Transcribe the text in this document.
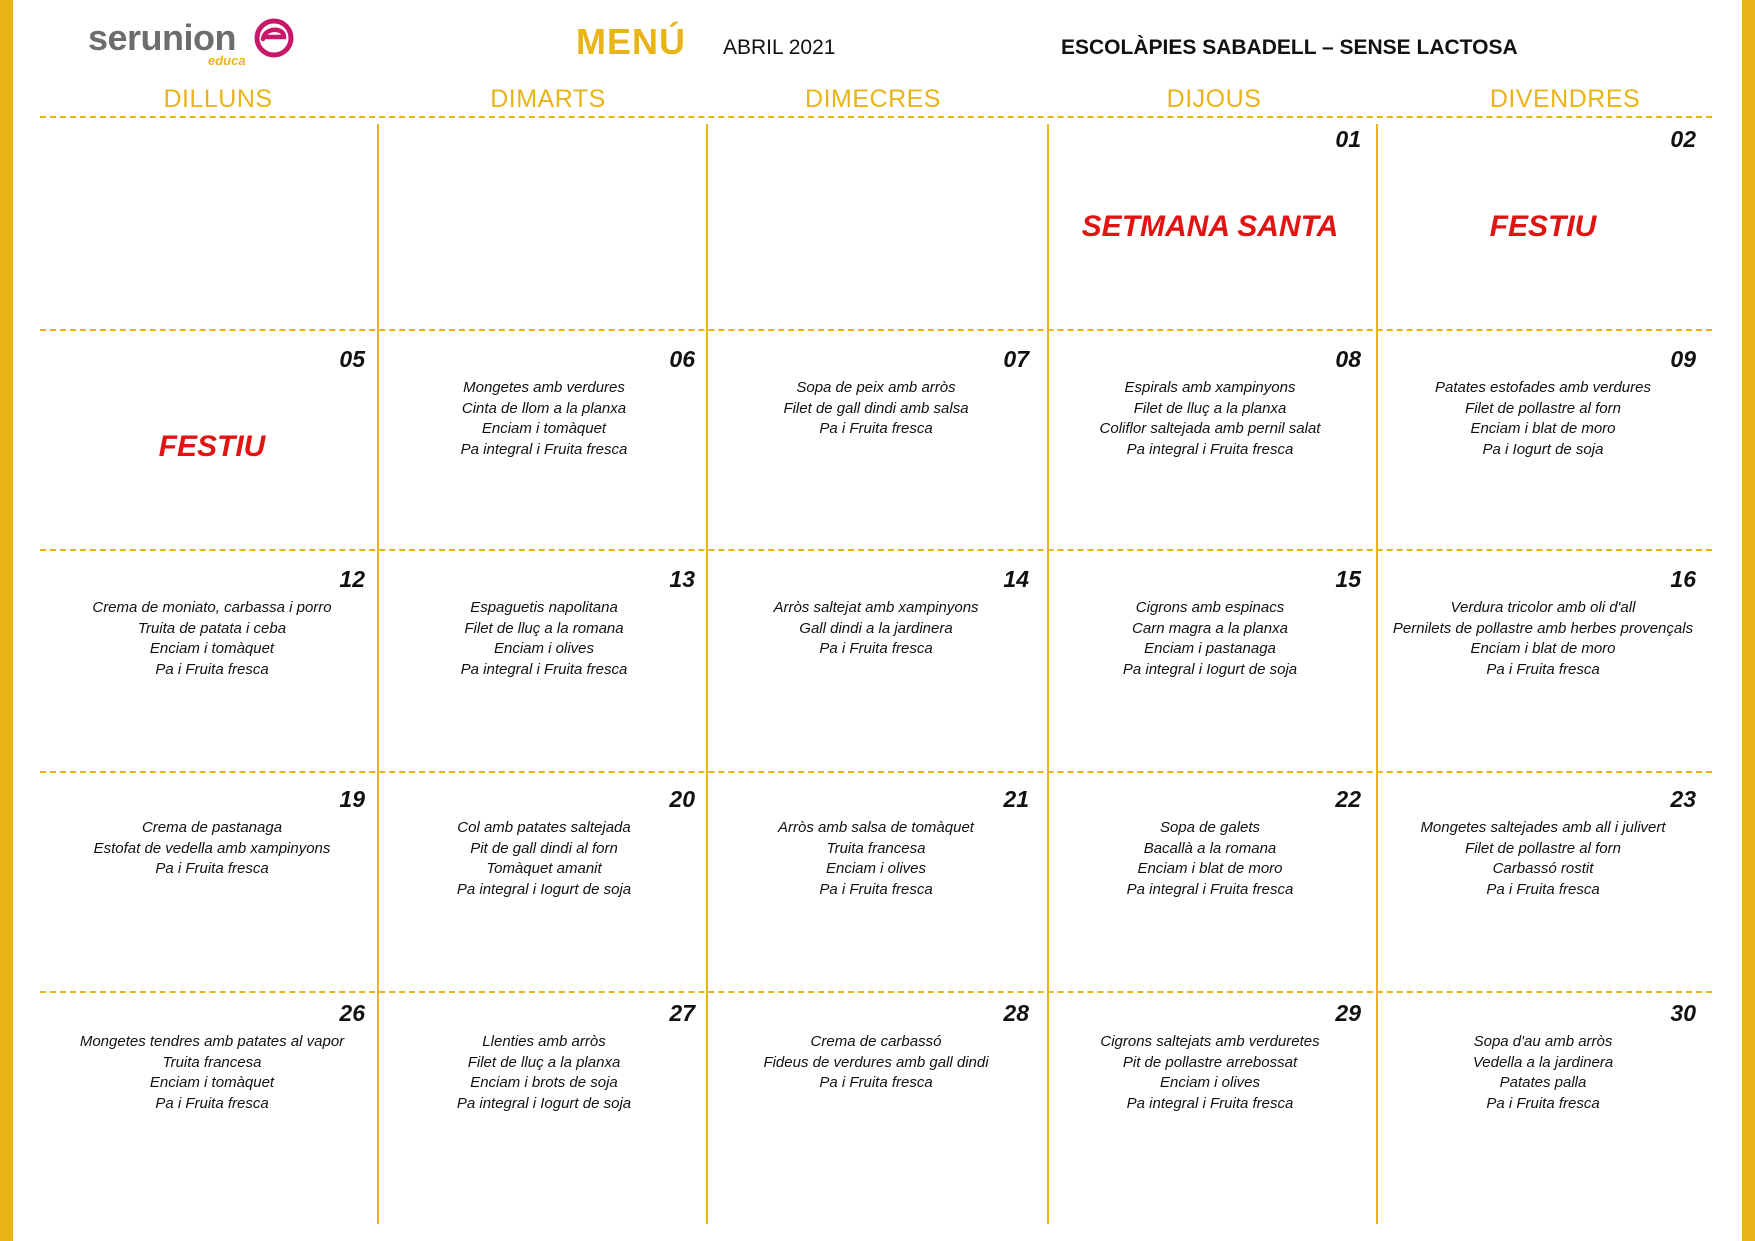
serunion
educa	MENÚ ABRIL 2021	ESCOLÀPIES SABADELL – SENSE LACTOSA
DILLUNS	DIMARTS	DIMECRES	DIJOUS	DIVENDRES
01
SETMANA SANTA
02
FESTIU
05
FESTIU
06
Mongetes amb verdures
Cinta de llom a la planxa
Enciam i tomàquet
Pa integral i Fruita fresca
07
Sopa de peix amb arròs
Filet de gall dindi amb salsa
Pa i Fruita fresca
08
Espirals amb xampinyons
Filet de lluç a la planxa
Coliflor saltejada amb pernil salat
Pa integral i Fruita fresca
09
Patates estofades amb verdures
Filet de pollastre al forn
Enciam i blat de moro
Pa i Iogurt de soja
12
Crema de moniato, carbassa i porro
Truita de patata i ceba
Enciam i tomàquet
Pa i Fruita fresca
13
Espaguetis napolitana
Filet de lluç a la romana
Enciam i olives
Pa integral i Fruita fresca
14
Arròs saltejat amb xampinyons
Gall dindi a la jardinera
Pa i Fruita fresca
15
Cigrons amb espinacs
Carn magra a la planxa
Enciam i pastanaga
Pa integral i Iogurt de soja
16
Verdura tricolor amb oli d'all
Pernilets de pollastre amb herbes provençals
Enciam i blat de moro
Pa i Fruita fresca
19
Crema de pastanaga
Estofat de vedella amb xampinyons
Pa i Fruita fresca
20
Col amb patates saltejada
Pit de gall dindi al forn
Tomàquet amanit
Pa integral i Iogurt de soja
21
Arròs amb salsa de tomàquet
Truita francesa
Enciam i olives
Pa i Fruita fresca
22
Sopa de galets
Bacallà a la romana
Enciam i blat de moro
Pa integral i Fruita fresca
23
Mongetes saltejades amb all i julivert
Filet de pollastre al forn
Carbassó rostit
Pa i Fruita fresca
26
Mongetes tendres amb patates al vapor
Truita francesa
Enciam i tomàquet
Pa i Fruita fresca
27
Llenties amb arròs
Filet de lluç a la planxa
Enciam i brots de soja
Pa integral i Iogurt de soja
28
Crema de carbassó
Fideus de verdures amb gall dindi
Pa i Fruita fresca
29
Cigrons saltejats amb verduretes
Pit de pollastre arrebossat
Enciam i olives
Pa integral i Fruita fresca
30
Sopa d'au amb arròs
Vedella a la jardinera
Patates palla
Pa i Fruita fresca
